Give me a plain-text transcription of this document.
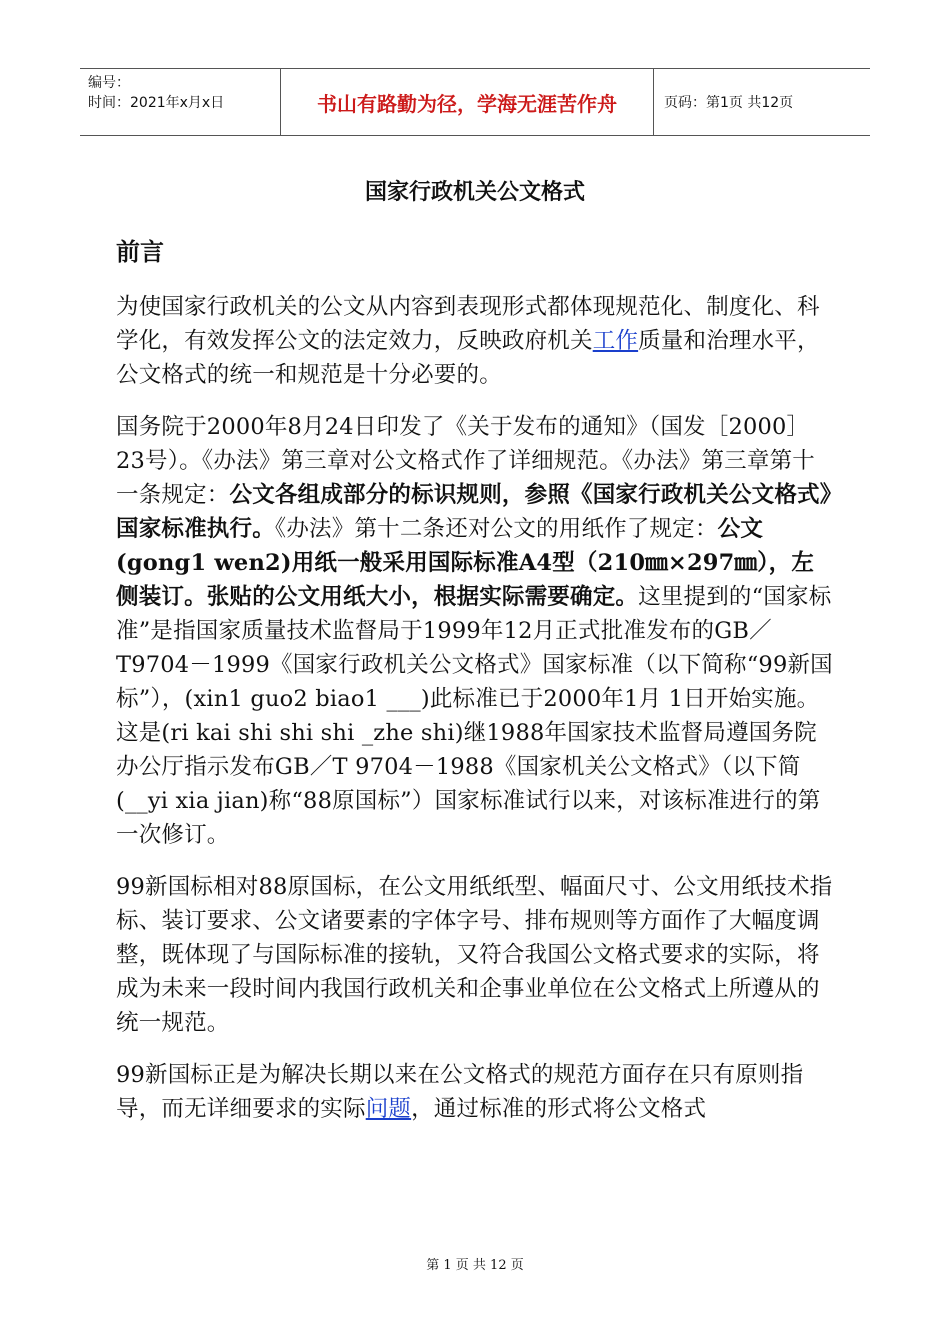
编号：
时间：2021年x月x日	书山有路勤为径，学海无涯苦作舟	页码：第1页 共12页
国家行政机关公文格式
前言

为使国家行政机关的公文从内容到表现形式都体现规范化、制度化、科学化，有效发挥公文的法定效力，反映政府机关工作质量和治理水平，公文格式的统一和规范是十分必要的。

国务院于2000年8月24日印发了《关于发布的通知》（国发［2000］23号）。《办法》第三章对公文格式作了详细规范。《办法》第三章第十一条规定：公文各组成部分的标识规则，参照《国家行政机关公文格式》国家标准执行。《办法》第十二条还对公文的用纸作了规定：公文(gong1 wen2)用纸一般采用国际标准A4型（210㎜×297㎜），左侧装订。张贴的公文用纸大小，根据实际需要确定。这里提到的“国家标准”是指国家质量技术监督局于1999年12月正式批准发布的GB／T9704－1999《国家行政机关公文格式》国家标准（以下简称“99新国标”），(xin1 guo2 biao1 ___)此标准已于2000年1月 1日开始实施。这是(ri kai shi shi shi _zhe shi)继1988年国家技术监督局遵国务院办公厅指示发布GB／T 9704－1988《国家机关公文格式》（以下简(__yi xia jian)称“88原国标”）国家标准试行以来，对该标准进行的第一次修订。

99新国标相对88原国标，在公文用纸纸型、幅面尺寸、公文用纸技术指标、装订要求、公文诸要素的字体字号、排布规则等方面作了大幅度调整，既体现了与国际标准的接轨，又符合我国公文格式要求的实际，将成为未来一段时间内我国行政机关和企事业单位在公文格式上所遵从的统一规范。

99新国标正是为解决长期以来在公文格式的规范方面存在只有原则指导，而无详细要求的实际问题，通过标准的形式将公文格式

第 1 页 共 12 页
